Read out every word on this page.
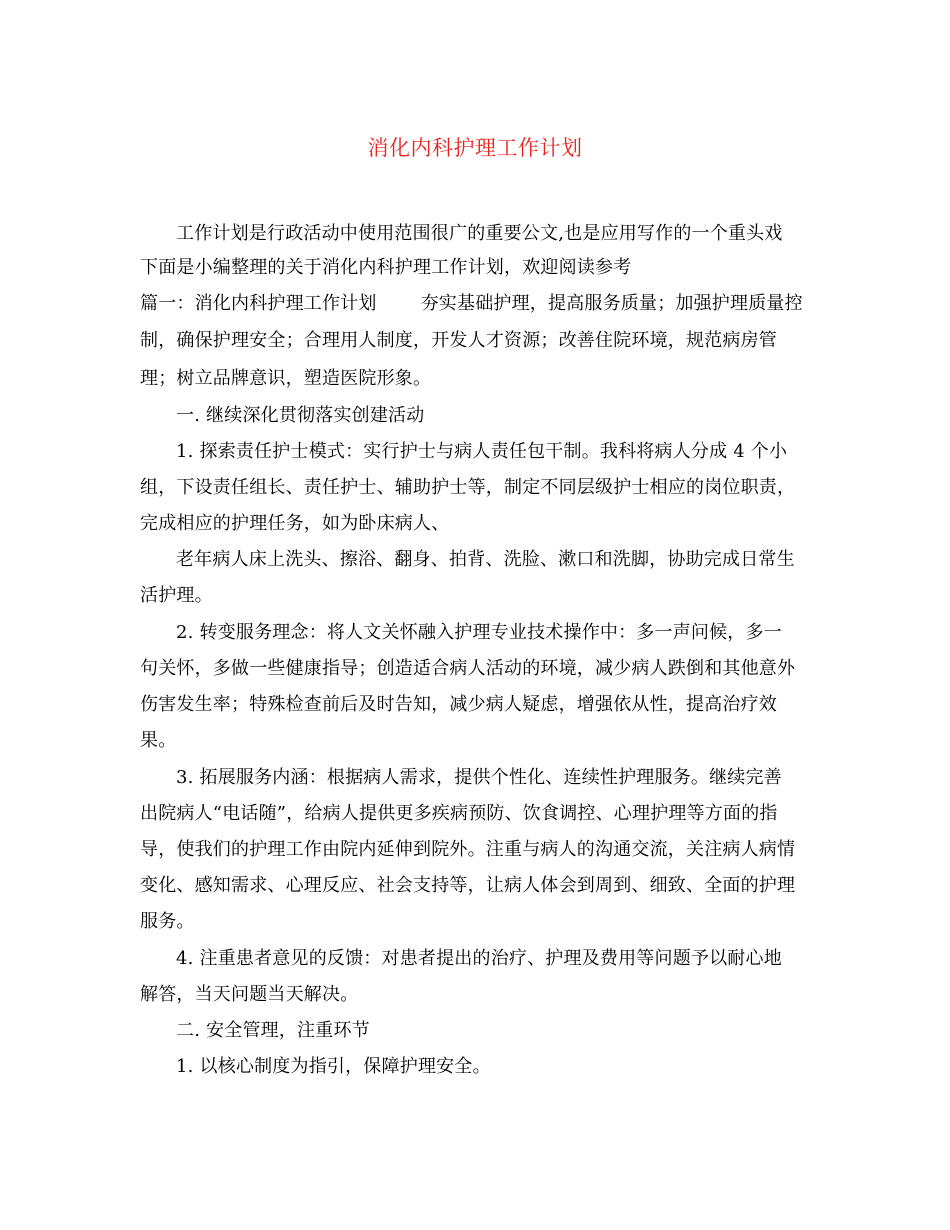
消化内科护理工作计划
工作计划是行政活动中使用范围很广的重要公文,也是应用写作的一个重头戏
下面是小编整理的关于消化内科护理工作计划，欢迎阅读参考
篇一：消化内科护理工作计划 夯实基础护理，提高服务质量；加强护理质量控
制，确保护理安全；合理用人制度，开发人才资源；改善住院环境，规范病房管
理；树立品牌意识，塑造医院形象。
一. 继续深化贯彻落实创建活动
1. 探索责任护士模式：实行护士与病人责任包干制。我科将病人分成 4 个小
组，下设责任组长、责任护士、辅助护士等，制定不同层级护士相应的岗位职责，
完成相应的护理任务，如为卧床病人、
老年病人床上洗头、擦浴、翻身、拍背、洗脸、漱口和洗脚，协助完成日常生
活护理。
2. 转变服务理念：将人文关怀融入护理专业技术操作中：多一声问候，多一
句关怀，多做一些健康指导；创造适合病人活动的环境，减少病人跌倒和其他意外
伤害发生率；特殊检查前后及时告知，减少病人疑虑，增强依从性，提高治疗效
果。
3. 拓展服务内涵：根据病人需求，提供个性化、连续性护理服务。继续完善
出院病人“电话随”，给病人提供更多疾病预防、饮食调控、心理护理等方面的指
导，使我们的护理工作由院内延伸到院外。注重与病人的沟通交流，关注病人病情
变化、感知需求、心理反应、社会支持等，让病人体会到周到、细致、全面的护理
服务。
4. 注重患者意见的反馈：对患者提出的治疗、护理及费用等问题予以耐心地
解答，当天问题当天解决。
二. 安全管理，注重环节
1. 以核心制度为指引，保障护理安全。
